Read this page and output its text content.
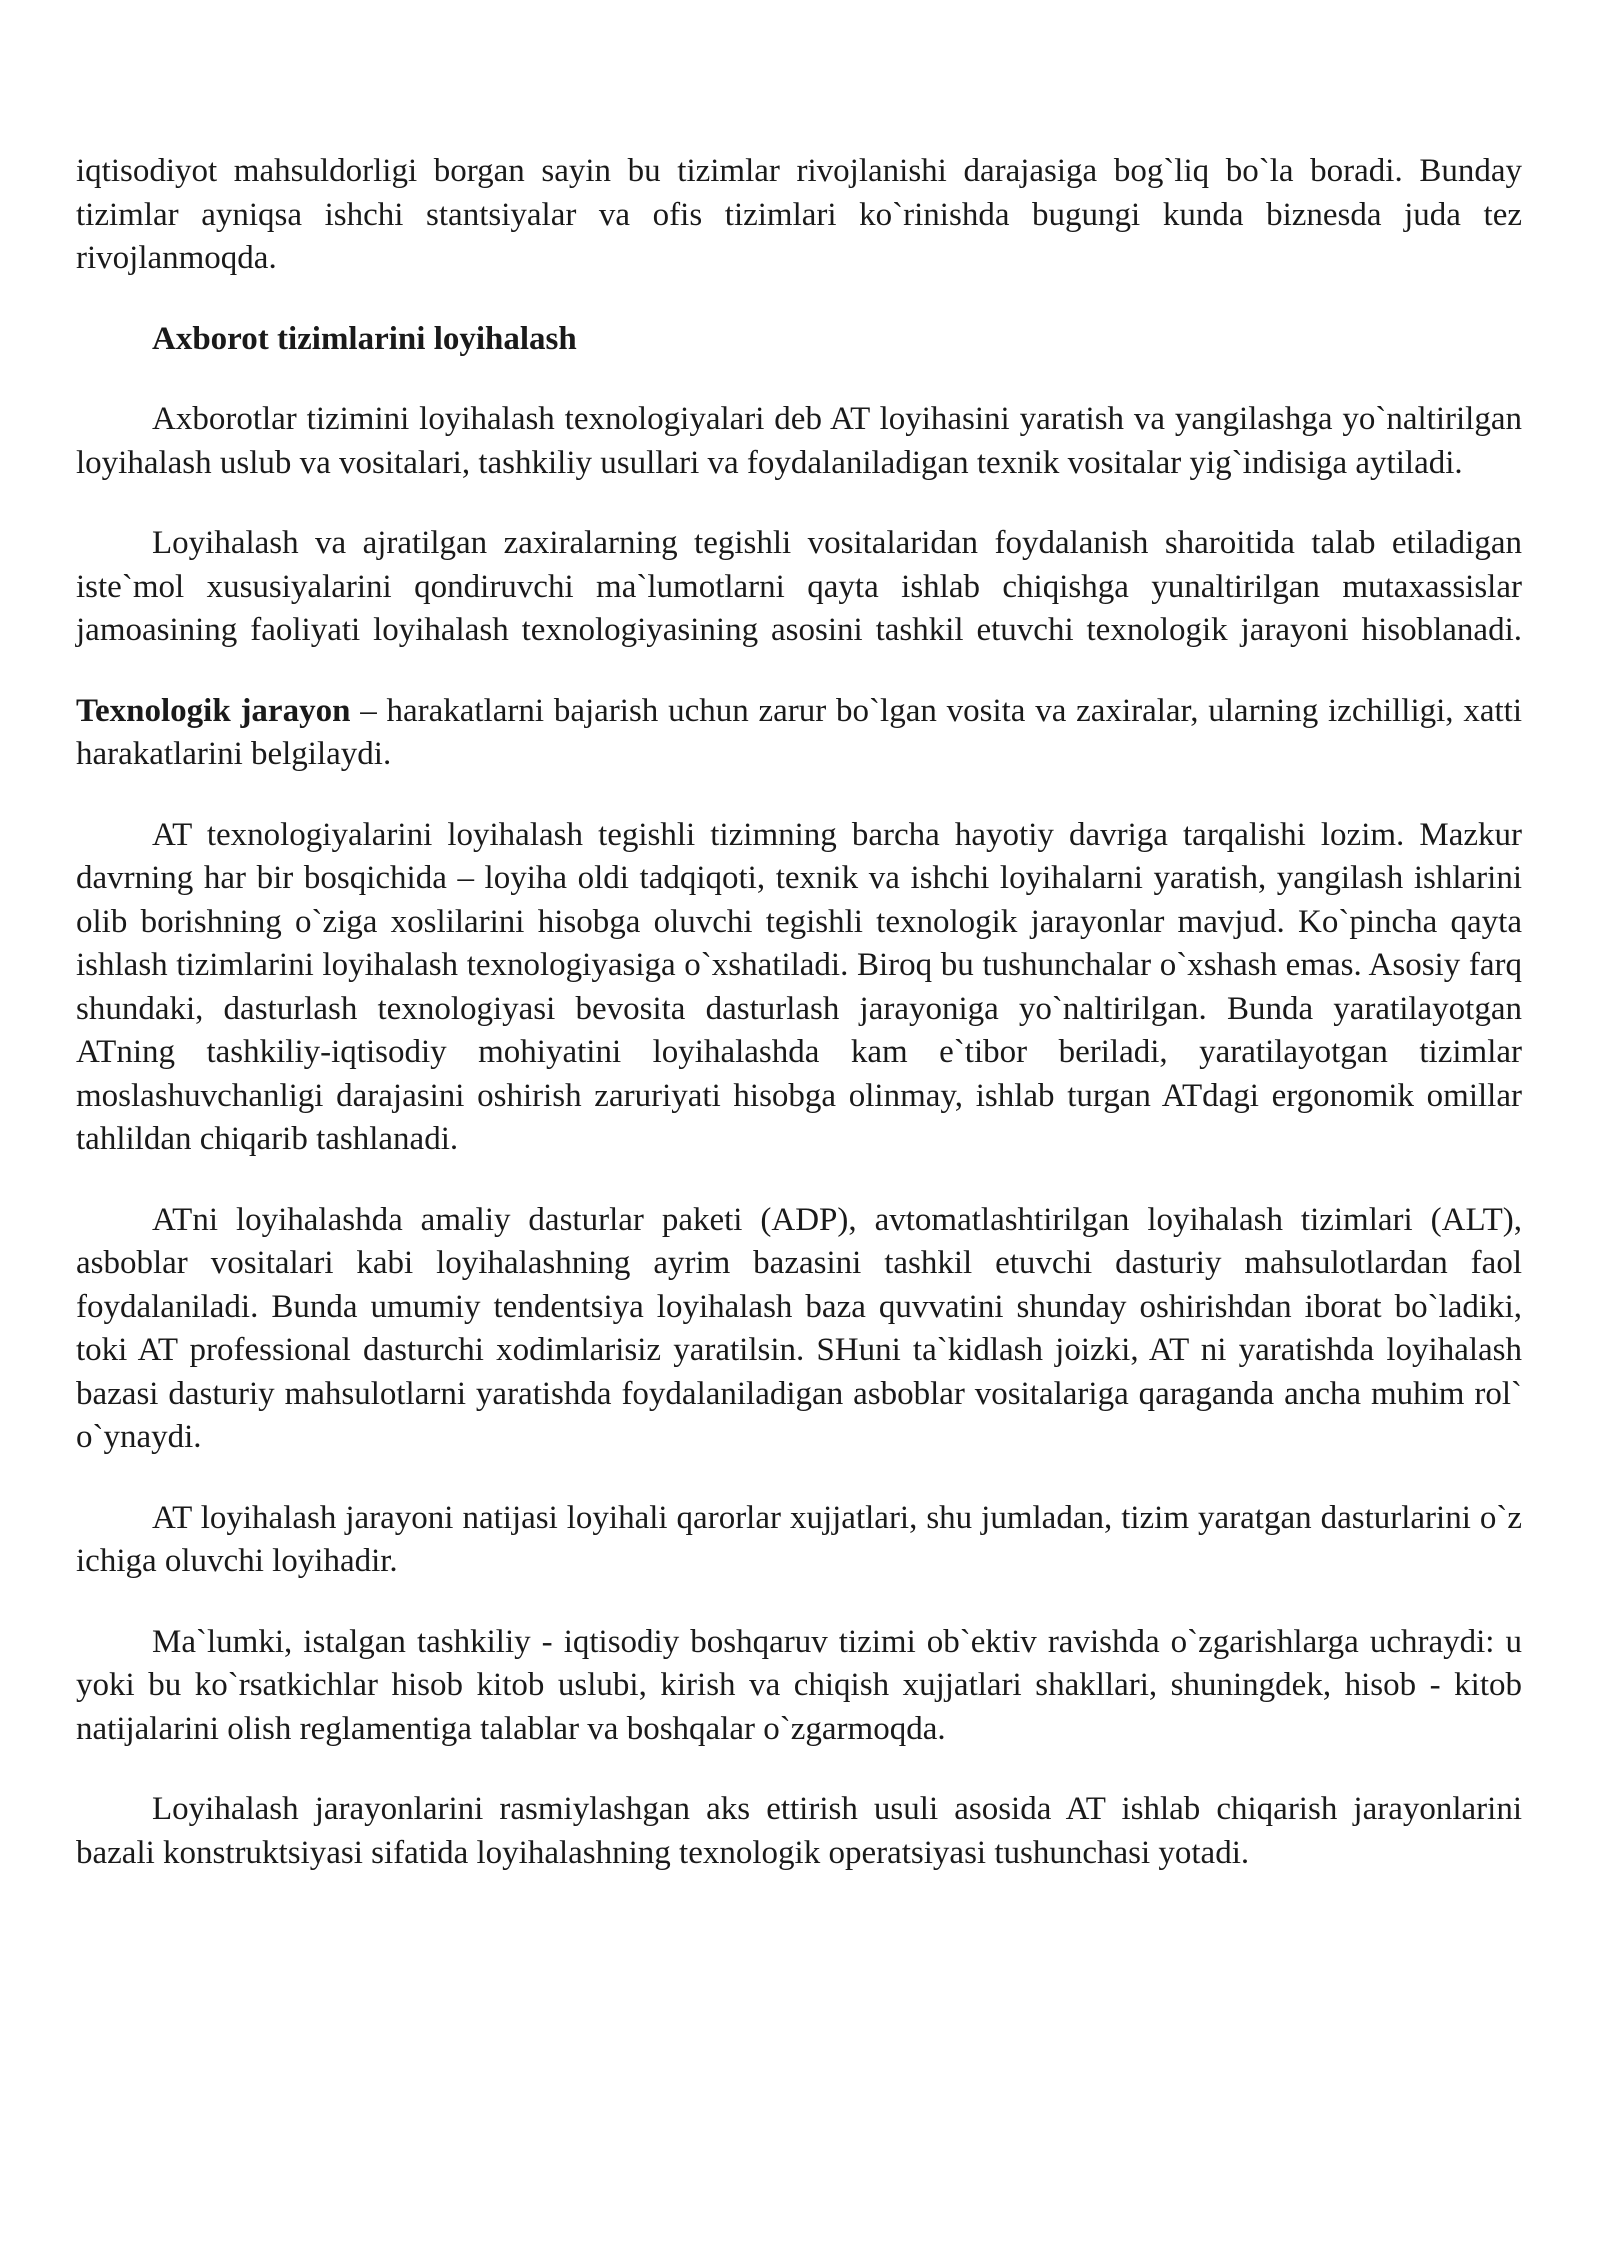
iqtisodiyot mahsuldorligi borgan sayin bu tizimlar rivojlanishi darajasiga bog`liq bo`la boradi. Bunday tizimlar ayniqsa ishchi stantsiyalar va ofis tizimlari ko`rinishda bugungi kunda biznesda juda tez rivojlanmoqda.

Axborot tizimlarini loyihalash

Axborotlar tizimini loyihalash texnologiyalari deb AT loyihasini yaratish va yangilashga yo`naltirilgan loyihalash uslub va vositalari, tashkiliy usullari va foydalaniladigan texnik vositalar yig`indisiga aytiladi.

Loyihalash va ajratilgan zaxiralarning tegishli vositalaridan foydalanish sharoitida talab etiladigan iste`mol xususiyalarini qondiruvchi ma`lumotlarni qayta ishlab chiqishga yunaltirilgan mutaxassislar jamoasining faoliyati loyihalash texnologiyasining asosini tashkil etuvchi texnologik jarayoni hisoblanadi.

Texnologik jarayon – harakatlarni bajarish uchun zarur bo`lgan vosita va zaxiralar, ularning izchilligi, xatti harakatlarini belgilaydi.

AT texnologiyalarini loyihalash tegishli tizimning barcha hayotiy davriga tarqalishi lozim. Mazkur davrning har bir bosqichida – loyiha oldi tadqiqoti, texnik va ishchi loyihalarni yaratish, yangilash ishlarini olib borishning o`ziga xoslilarini hisobga oluvchi tegishli texnologik jarayonlar mavjud. Ko`pincha qayta ishlash tizimlarini loyihalash texnologiyasiga o`xshatiladi. Biroq bu tushunchalar o`xshash emas. Asosiy farq shundaki, dasturlash texnologiyasi bevosita dasturlash jarayoniga yo`naltirilgan. Bunda yaratilayotgan ATning tashkiliy-iqtisodiy mohiyatini loyihalashda kam e`tibor beriladi, yaratilayotgan tizimlar moslashuvchanligi darajasini oshirish zaruriyati hisobga olinmay, ishlab turgan ATdagi ergonomik omillar tahlildan chiqarib tashlanadi.

ATni loyihalashda amaliy dasturlar paketi (ADP), avtomatlashtirilgan loyihalash tizimlari (ALT), asboblar vositalari kabi loyihalashning ayrim bazasini tashkil etuvchi dasturiy mahsulotlardan faol foydalaniladi. Bunda umumiy tendentsiya loyihalash baza quvvatini shunday oshirishdan iborat bo`ladiki, toki AT professional dasturchi xodimlarisiz yaratilsin. SHuni ta`kidlash joizki, AT ni yaratishda loyihalash bazasi dasturiy mahsulotlarni yaratishda foydalaniladigan asboblar vositalariga qaraganda ancha muhim rol` o`ynaydi.

AT loyihalash jarayoni natijasi loyihali qarorlar xujjatlari, shu jumladan, tizim yaratgan dasturlarini o`z ichiga oluvchi loyihadir.

Ma`lumki, istalgan tashkiliy - iqtisodiy boshqaruv tizimi ob`ektiv ravishda o`zgarishlarga uchraydi: u yoki bu ko`rsatkichlar hisob kitob uslubi, kirish va chiqish xujjatlari shakllari, shuningdek, hisob - kitob natijalarini olish reglamentiga talablar va boshqalar o`zgarmoqda.

Loyihalash jarayonlarini rasmiylashgan aks ettirish usuli asosida AT ishlab chiqarish jarayonlarini bazali konstruktsiyasi sifatida loyihalashning texnologik operatsiyasi tushunchasi yotadi.
